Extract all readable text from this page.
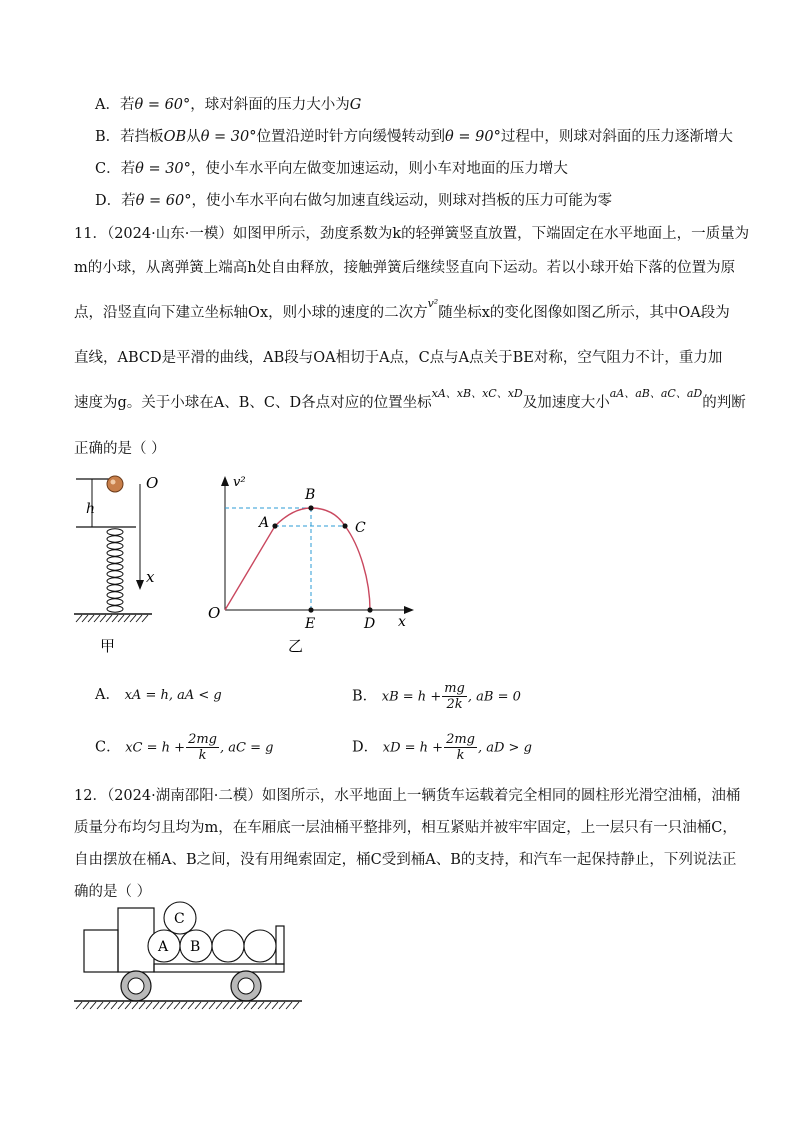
A．若θ = 60°，球对斜面的压力大小为G
B．若挡板OB从θ = 30°位置沿逆时针方向缓慢转动到θ = 90°过程中，则球对斜面的压力逐渐增大
C．若θ = 30°，使小车水平向左做变加速运动，则小车对地面的压力增大
D．若θ = 60°，使小车水平向右做匀加速直线运动，则球对挡板的压力可能为零
11．（2024·山东·一模）如图甲所示，劲度系数为k的轻弹簧竖直放置，下端固定在水平地面上，一质量为
m的小球，从离弹簧上端高h处自由释放，接触弹簧后继续竖直向下运动。若以小球开始下落的位置为原
点，沿竖直向下建立坐标轴Ox，则小球的速度的二次方$^{v^2}$随坐标x的变化图像如图乙所示，其中OA段为
直线，ABCD是平滑的曲线，AB段与OA相切于A点，C点与A点关于BE对称，空气阻力不计，重力加
速度为g。关于小球在A、B、C、D各点对应的位置坐标$^{xA、xB、xC、xD}$及加速度大小$^{aA、aB、aC、aD}$的判断
正确的是（ ）
h
O
x
甲
v²
x
O
A
B
C
D
E
乙
A． xA = h, aA < g	B． xB = $h + \frac{mg}{2k}$ , aB = 0
C． xC = $h + \frac{2mg}{k}$ , aC = g	D． xD = $h + \frac{2mg}{k}$ , aD > g
12．（2024·湖南邵阳·二模）如图所示，水平地面上一辆货车运载着完全相同的圆柱形光滑空油桶，油桶
质量分布均匀且均为m，在车厢底一层油桶平整排列，相互紧贴并被牢牢固定，上一层只有一只油桶C，
自由摆放在桶A、B之间，没有用绳索固定，桶C受到桶A、B的支持，和汽车一起保持静止，下列说法正
确的是（ ）
A B
C
